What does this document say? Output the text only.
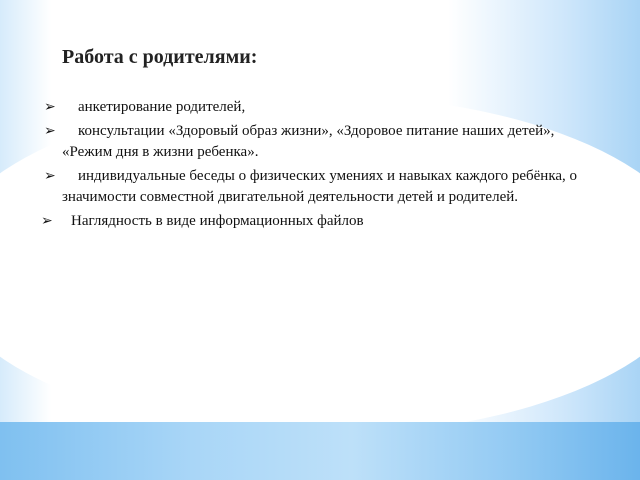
Работа с родителями:
➢	анкетирование родителей,
➢	консультации «Здоровый образ жизни», «Здоровое питание наших детей», «Режим дня в жизни ребенка».
➢	индивидуальные беседы о физических умениях и навыках каждого ребёнка, о значимости совместной двигательной деятельности детей и родителей.
➢	Наглядность в виде информационных файлов
